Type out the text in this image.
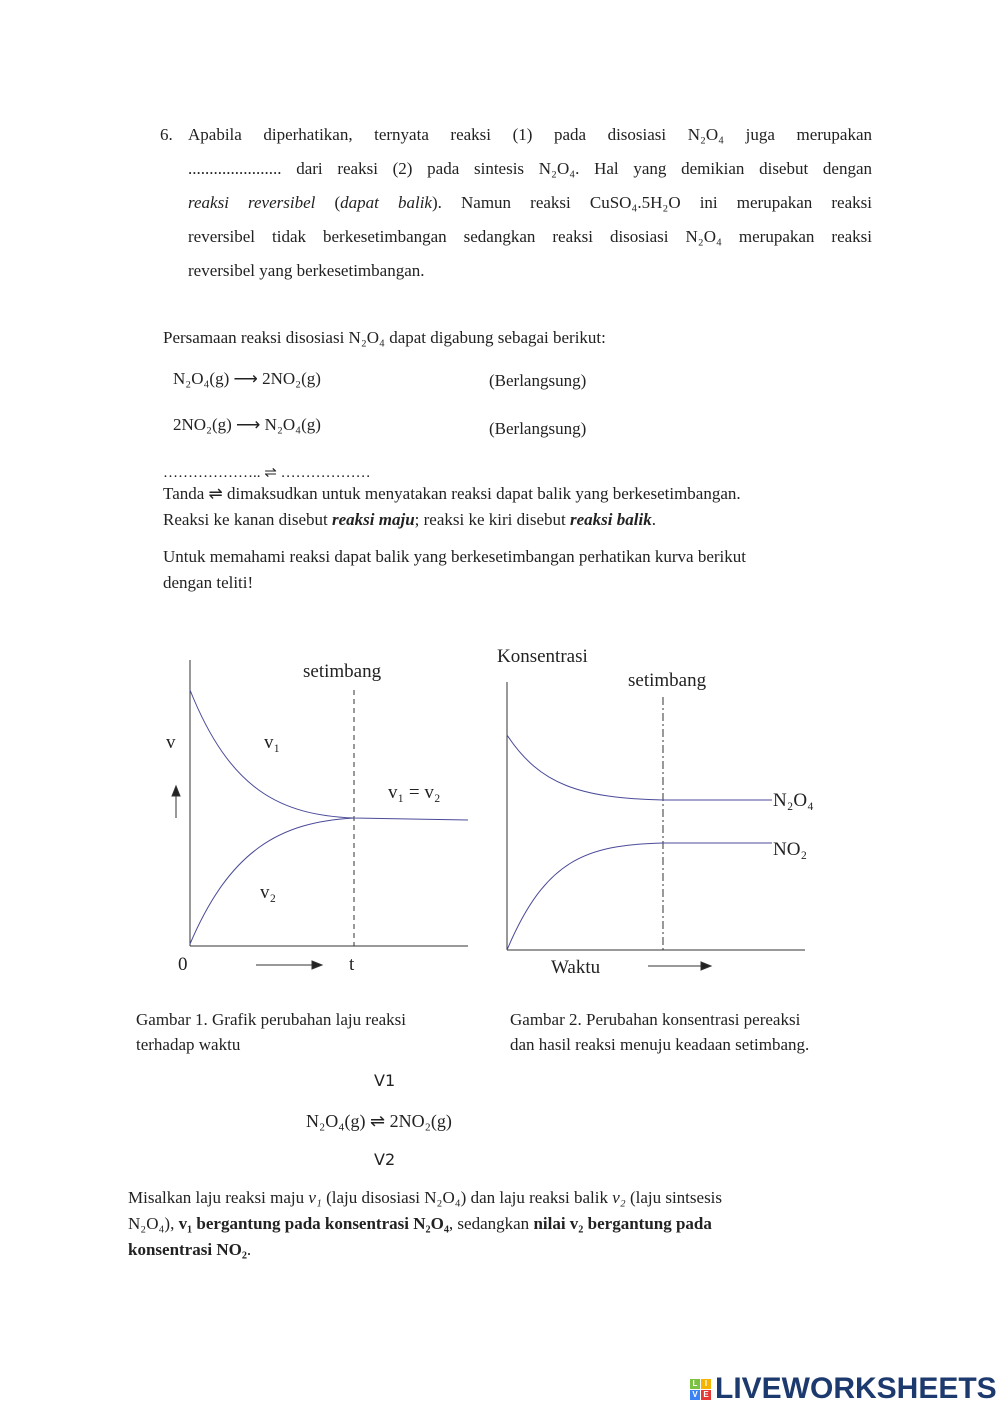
6. Apabila diperhatikan, ternyata reaksi (1) pada disosiasi N₂O₄ juga merupakan
...................... dari reaksi (2) pada sintesis N₂O₄. Hal yang demikian disebut dengan
reaksi reversibel (dapat balik). Namun reaksi CuSO₄.5H₂O ini merupakan reaksi
reversibel tidak berkesetimbangan sedangkan reaksi disosiasi N₂O₄ merupakan reaksi
reversibel yang berkesetimbangan.
Persamaan reaksi disosiasi N₂O₄ dapat digabung sebagai berikut:
N₂O₄(g) ⟶ 2NO₂(g)	(Berlangsung)
2NO₂(g) ⟶ N₂O₄(g)	(Berlangsung)
……………….. ⇌ ………………
Tanda ⇌ dimaksudkan untuk menyatakan reaksi dapat balik yang berkesetimbangan.
Reaksi ke kanan disebut reaksi maju; reaksi ke kiri disebut reaksi balik.
Untuk memahami reaksi dapat balik yang berkesetimbangan perhatikan kurva berikut
dengan teliti!
setimbang
v	v₁
v₁ = v₂
v₂
0	t
Konsentrasi
setimbang
N₂O₄
NO₂
Waktu
Gambar 1. Grafik perubahan laju reaksi
terhadap waktu
Gambar 2. Perubahan konsentrasi pereaksi
dan hasil reaksi menuju keadaan setimbang.
V1
N₂O₄(g) ⇌ 2NO₂(g)
V2
Misalkan laju reaksi maju v₁ (laju disosiasi N₂O₄) dan laju reaksi balik v₂ (laju sintsesis
N₂O₄), v₁ bergantung pada konsentrasi N₂O₄, sedangkan nilai v₂ bergantung pada
konsentrasi NO₂.
L I
V E LIVEWORKSHEETS
